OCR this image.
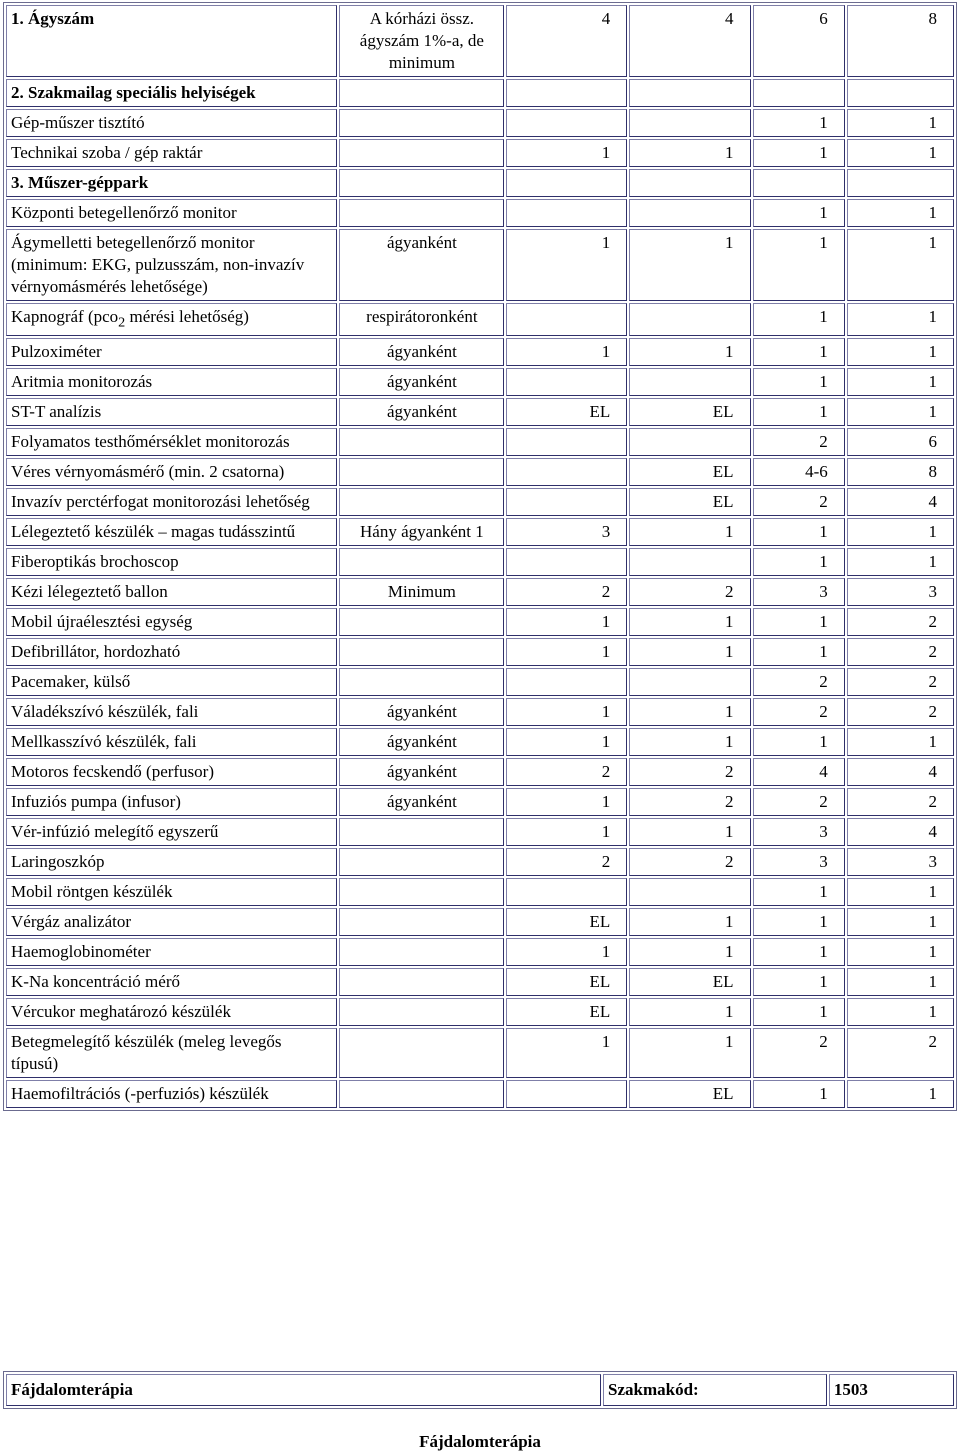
1. Ágyszám	A kórházi össz. ágyszám 1%-a, de minimum	4	4	6	8
2. Szakmailag speciális helyiségek					
Gép-műszer tisztító				1	1
Technikai szoba / gép raktár		1	1	1	1
3. Műszer-géppark					
Központi betegellenőrző monitor				1	1
Ágymelletti betegellenőrző monitor (minimum: EKG, pulzusszám, non-invazív vérnyomásmérés lehetősége)	ágyanként	1	1	1	1
Kapnográf (pco$_2$ mérési lehetőség)	respirátoronként			1	1
Pulzoximéter	ágyanként	1	1	1	1
Aritmia monitorozás	ágyanként			1	1
ST-T analízis	ágyanként	EL	EL	1	1
Folyamatos testhőmérséklet monitorozás				2	6
Véres vérnyomásmérő (min. 2 csatorna)			EL	4-6	8
Invazív perctérfogat monitorozási lehetőség			EL	2	4
Lélegeztető készülék – magas tudásszintű	Hány ágyanként 1	3	1	1	1
Fiberoptikás brochoscop				1	1
Kézi lélegeztető ballon	Minimum	2	2	3	3
Mobil újraélesztési egység		1	1	1	2
Defibrillátor, hordozható		1	1	1	2
Pacemaker, külső				2	2
Váladékszívó készülék, fali	ágyanként	1	1	2	2
Mellkasszívó készülék, fali	ágyanként	1	1	1	1
Motoros fecskendő (perfusor)	ágyanként	2	2	4	4
Infuziós pumpa (infusor)	ágyanként	1	2	2	2
Vér-infúzió melegítő egyszerű		1	1	3	4
Laringoszkóp		2	2	3	3
Mobil röntgen készülék				1	1
Vérgáz analizátor		EL	1	1	1
Haemoglobinométer		1	1	1	1
K-Na koncentráció mérő		EL	EL	1	1
Vércukor meghatározó készülék		EL	1	1	1
Betegmelegítő készülék (meleg levegős típusú)		1	1	2	2
Haemofiltrációs (-perfuziós) készülék			EL	1	1
Fájdalomterápia	Szakmakód:	1503
Fájdalomterápia
